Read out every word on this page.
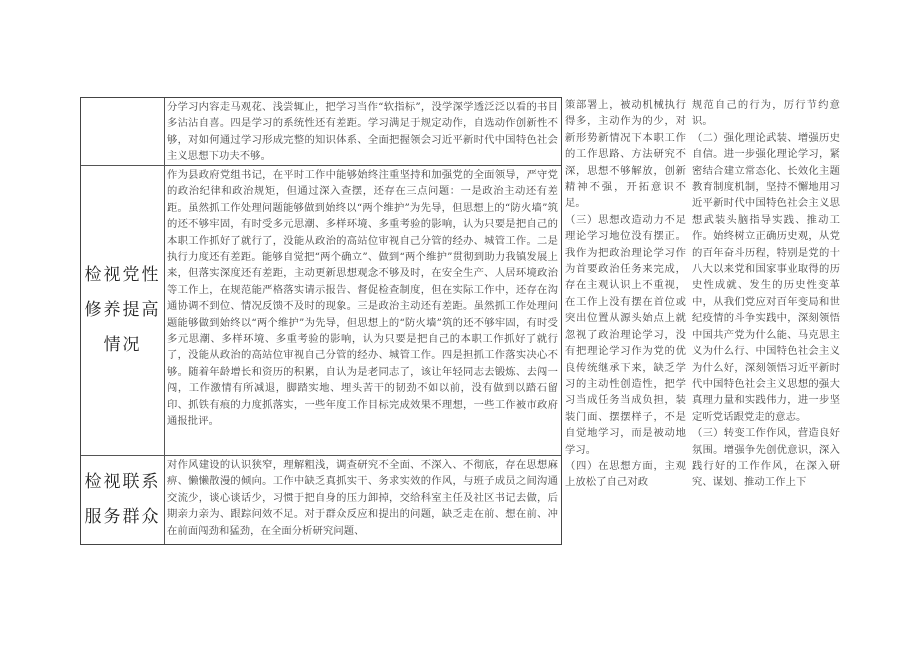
分学习内容走马观花、浅尝辄止，把学习当作“软指标”，没学深学透泛泛以看的书目多沾沾自喜。四是学习的系统性还有差距。学习满足于规定动作，自选动作创新性不够，对如何通过学习形成完整的知识体系、全面把握领会习近平新时代中国特色社会主义思想下功夫不够。
检视党性
修养提高
情况
作为县政府党组书记，在平时工作中能够始终注重坚持和加强党的全面领导，严守党的政治纪律和政治规矩，但通过深入查摆，还存在三点问题：一是政治主动还有差距。虽然抓工作处理问题能够做到始终以“两个维护”为先导，但思想上的“防火墙”筑的还不够牢固，有时受多元思潮、多样环境、多重考验的影响，认为只要是把自己的本职工作抓好了就行了，没能从政治的高站位审视自己分管的经办、城管工作。二是执行力度还有差距。能够自觉把“两个确立”、做到“两个维护”贯彻到助力我镇发展上来，但落实深度还有差距，主动更新思想观念不够及时，在安全生产、人居环境政治等工作上，在规范能严格落实请示报告、督促检查制度，但在实际工作中，还存在沟通协调不到位、情况反馈不及时的现象。三是政治主动还有差距。虽然抓工作处理问题能够做到始终以“两个维护”为先导，但思想上的“防火墙”筑的还不够牢固，有时受多元思潮、多样环境、多重考验的影响，认为只要是把自己的本职工作抓好了就行了，没能从政治的高站位审视自己分管的经办、城管工作。四是担抓工作落实决心不够。随着年龄增长和资历的积累，自认为是老同志了，该让年轻同志去锻炼、去闯一闯，工作激情有所减退，脚踏实地、埋头苦干的韧劲不如以前，没有做到以踏石留印、抓铁有痕的力度抓落实，一些年度工作目标完成效果不理想，一些工作被市政府通报批评。
检视联系
服务群众
对作风建设的认识狭窄，理解粗浅，调查研究不全面、不深入、不彻底，存在思想麻痹、懒懒散漫的倾向。工作中缺乏真抓实干、务求实效的作风，与班子成员之间沟通交流少，谈心谈话少，习惯于把自身的压力卸掉，交给科室主任及社区书记去做，后期亲力亲为、跟踪问效不足。对于群众反应和提出的问题，缺乏走在前、想在前、冲在前面闯劲和猛劲，在全面分析研究问题、

策部署上，被动机械执行得多，主动作为的少，对新形势新情况下本职工作的工作思路、方法研究不深，思想不够解放，创新精神不强，开拓意识不足。

（三）思想改造动力不足理论学习地位没有摆正。我作为把政治理论学习作为首要政治任务来完成，存在主观认识上不重视，在工作上没有摆在首位或突出位置从源头始点上就忽视了政治理论学习，没有把理论学习作为党的优良传统继承下来，缺乏学习的主动性创造性，把学习当成任务当成负担，装装门面、摆摆样子，不是自觉地学习，而是被动地学习。

（四）在思想方面，主观上放松了自己对政

规范自己的行为，厉行节约意识。

（二）强化理论武装、增强历史自信。进一步强化理论学习，紧密结合建立常态化、长效化主题教育制度机制，坚持不懈地用习近平新时代中国特色社会主义思想武装头脑指导实践、推动工作。始终树立正确历史观，从党的百年奋斗历程，特别是党的十八大以来党和国家事业取得的历史性成就、发生的历史性变革中，从我们党应对百年变局和世纪疫情的斗争实践中，深刻领悟中国共产党为什么能、马克思主义为什么行、中国特色社会主义为什么好，深刻领悟习近平新时代中国特色社会主义思想的强大真理力量和实践伟力，进一步坚定听党话跟党走的意志。

（三）转变工作作风，营造良好氛围。增强争先创优意识，深入践行好的工作作风，在深入研究、谋划、推动工作上下
